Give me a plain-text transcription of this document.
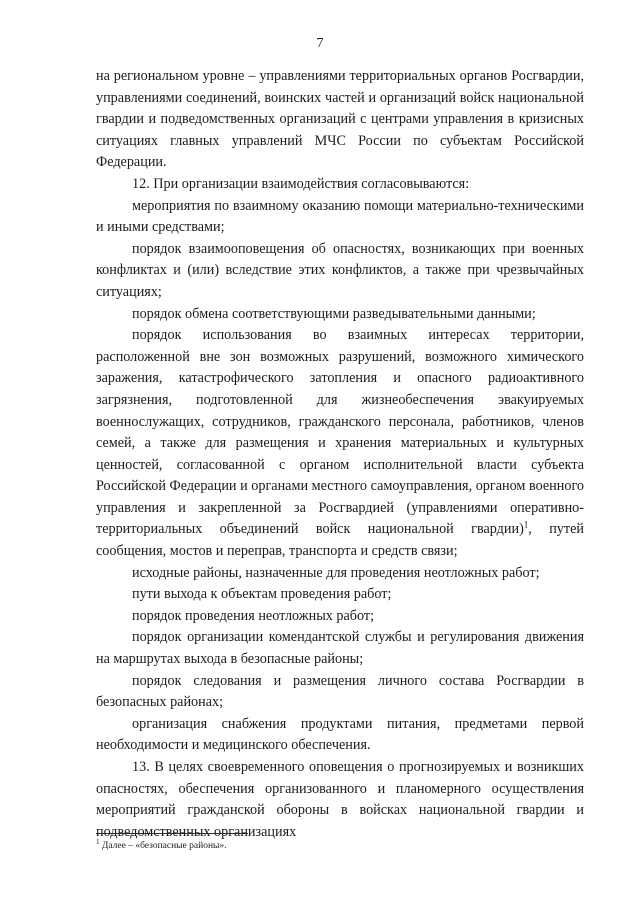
7

на региональном уровне – управлениями территориальных органов Росгвардии, управлениями соединений, воинских частей и организаций войск национальной гвардии и подведомственных организаций с центрами управления в кризисных ситуациях главных управлений МЧС России по субъектам Российской Федерации.

12. При организации взаимодействия согласовываются:

мероприятия по взаимному оказанию помощи материально-техническими и иными средствами;

порядок взаимооповещения об опасностях, возникающих при военных конфликтах и (или) вследствие этих конфликтов, а также при чрезвычайных ситуациях;

порядок обмена соответствующими разведывательными данными;

порядок использования во взаимных интересах территории, расположенной вне зон возможных разрушений, возможного химического заражения, катастрофического затопления и опасного радиоактивного загрязнения, подготовленной для жизнеобеспечения эвакуируемых военнослужащих, сотрудников, гражданского персонала, работников, членов семей, а также для размещения и хранения материальных и культурных ценностей, согласованной с органом исполнительной власти субъекта Российской Федерации и органами местного самоуправления, органом военного управления и закрепленной за Росгвардией (управлениями оперативно-территориальных объединений войск национальной гвардии)$^1$, путей сообщения, мостов и переправ, транспорта и средств связи;

исходные районы, назначенные для проведения неотложных работ;

пути выхода к объектам проведения работ;

порядок проведения неотложных работ;

порядок организации комендантской службы и регулирования движения на маршрутах выхода в безопасные районы;

порядок следования и размещения личного состава Росгвардии в безопасных районах;

организация снабжения продуктами питания, предметами первой необходимости и медицинского обеспечения.

13. В целях своевременного оповещения о прогнозируемых и возникших опасностях, обеспечения организованного и планомерного осуществления мероприятий гражданской обороны в войсках национальной гвардии и подведомственных организациях

$^1$ Далее – «безопасные районы».
